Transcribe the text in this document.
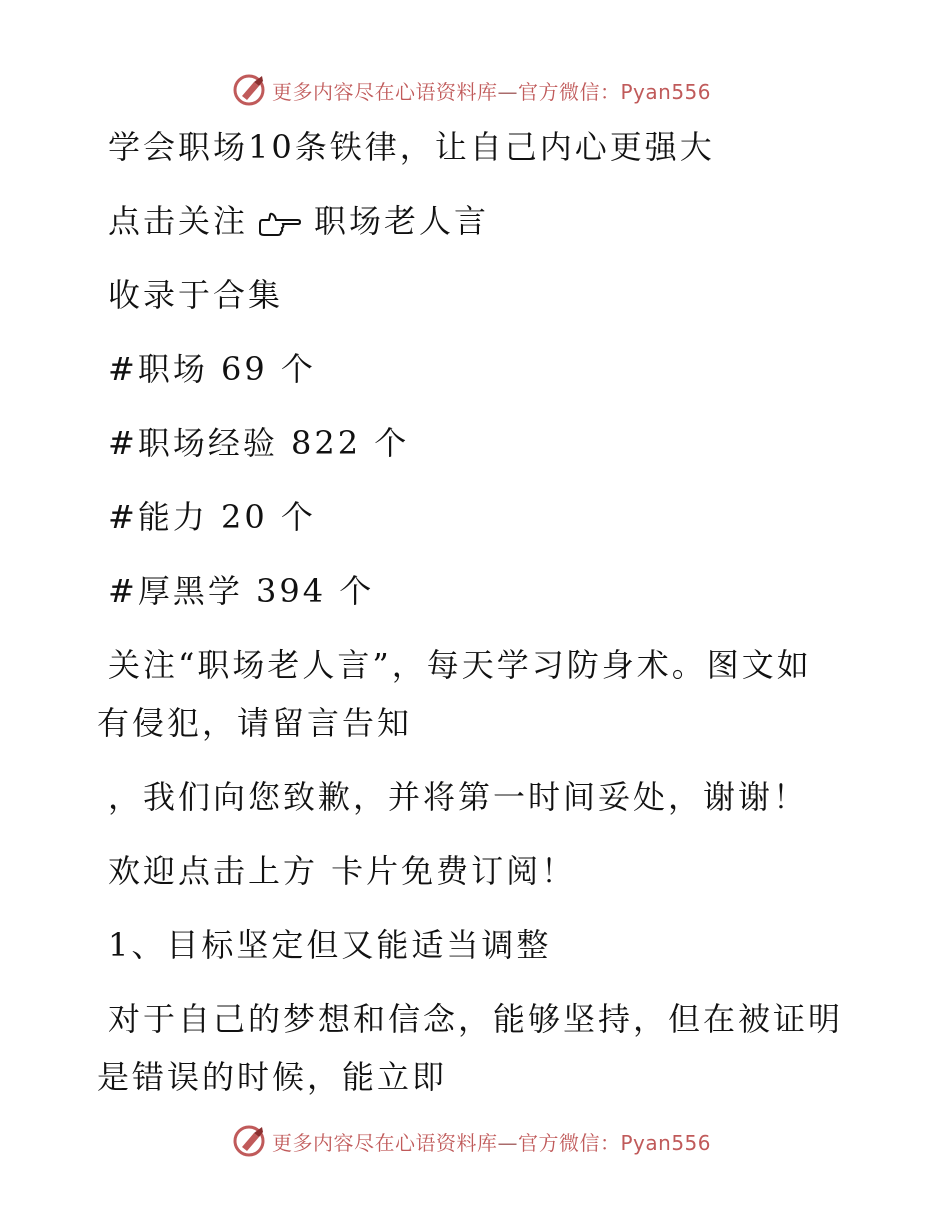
更多内容尽在心语资料库—官方微信：Pyan556
学会职场10条铁律，让自己内心更强大
点击关注 职场老人言
收录于合集
#职场 69 个
#职场经验 822 个
#能力 20 个
#厚黑学 394 个
关注“职场老人言”，每天学习防身术。图文如
有侵犯，请留言告知
，我们向您致歉，并将第一时间妥处，谢谢！
欢迎点击上方 卡片免费订阅！
1、目标坚定但又能适当调整
对于自己的梦想和信念，能够坚持，但在被证明
是错误的时候，能立即
更多内容尽在心语资料库—官方微信：Pyan556
